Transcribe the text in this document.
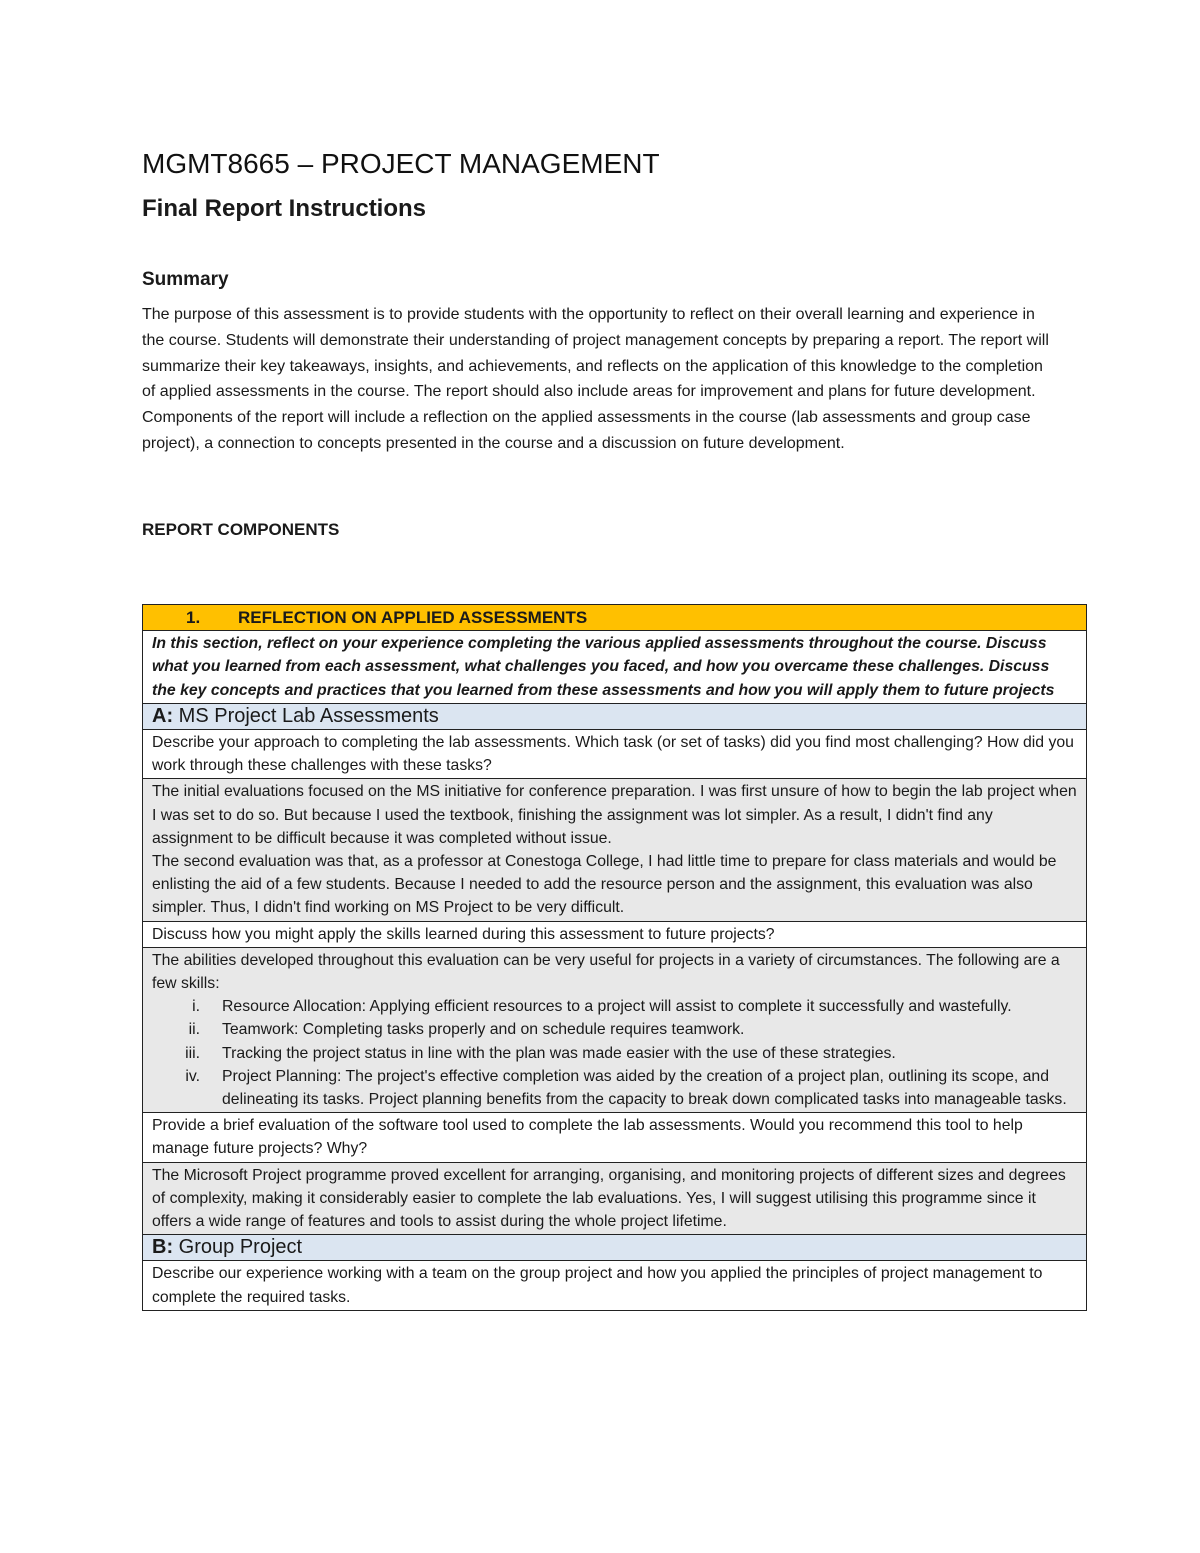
MGMT8665 – PROJECT MANAGEMENT
Final Report Instructions
Summary

The purpose of this assessment is to provide students with the opportunity to reflect on their overall learning and experience in the course. Students will demonstrate their understanding of project management concepts by preparing a report. The report will summarize their key takeaways, insights, and achievements, and reflects on the application of this knowledge to the completion of applied assessments in the course. The report should also include areas for improvement and plans for future development. Components of the report will include a reflection on the applied assessments in the course (lab assessments and group case project), a connection to concepts presented in the course and a discussion on future development.

REPORT COMPONENTS
1. REFLECTION ON APPLIED ASSESSMENTS
In this section, reflect on your experience completing the various applied assessments throughout the course. Discuss what you learned from each assessment, what challenges you faced, and how you overcame these challenges. Discuss the key concepts and practices that you learned from these assessments and how you will apply them to future projects
A: MS Project Lab Assessments
Describe your approach to completing the lab assessments. Which task (or set of tasks) did you find most challenging? How did you work through these challenges with these tasks?

The initial evaluations focused on the MS initiative for conference preparation. I was first unsure of how to begin the lab project when I was set to do so. But because I used the textbook, finishing the assignment was lot simpler. As a result, I didn't find any assignment to be difficult because it was completed without issue.

The second evaluation was that, as a professor at Conestoga College, I had little time to prepare for class materials and would be enlisting the aid of a few students. Because I needed to add the resource person and the assignment, this evaluation was also simpler. Thus, I didn't find working on MS Project to be very difficult.

Discuss how you might apply the skills learned during this assessment to future projects?

The abilities developed throughout this evaluation can be very useful for projects in a variety of circumstances. The following are a few skills:

i. Resource Allocation: Applying efficient resources to a project will assist to complete it successfully and wastefully.
ii. Teamwork: Completing tasks properly and on schedule requires teamwork.
iii. Tracking the project status in line with the plan was made easier with the use of these strategies.
iv. Project Planning: The project's effective completion was aided by the creation of a project plan, outlining its scope, and delineating its tasks. Project planning benefits from the capacity to break down complicated tasks into manageable tasks.

Provide a brief evaluation of the software tool used to complete the lab assessments. Would you recommend this tool to help manage future projects? Why?
The Microsoft Project programme proved excellent for arranging, organising, and monitoring projects of different sizes and degrees of complexity, making it considerably easier to complete the lab evaluations. Yes, I will suggest utilising this programme since it offers a wide range of features and tools to assist during the whole project lifetime.
B: Group Project
Describe our experience working with a team on the group project and how you applied the principles of project management to complete the required tasks.
